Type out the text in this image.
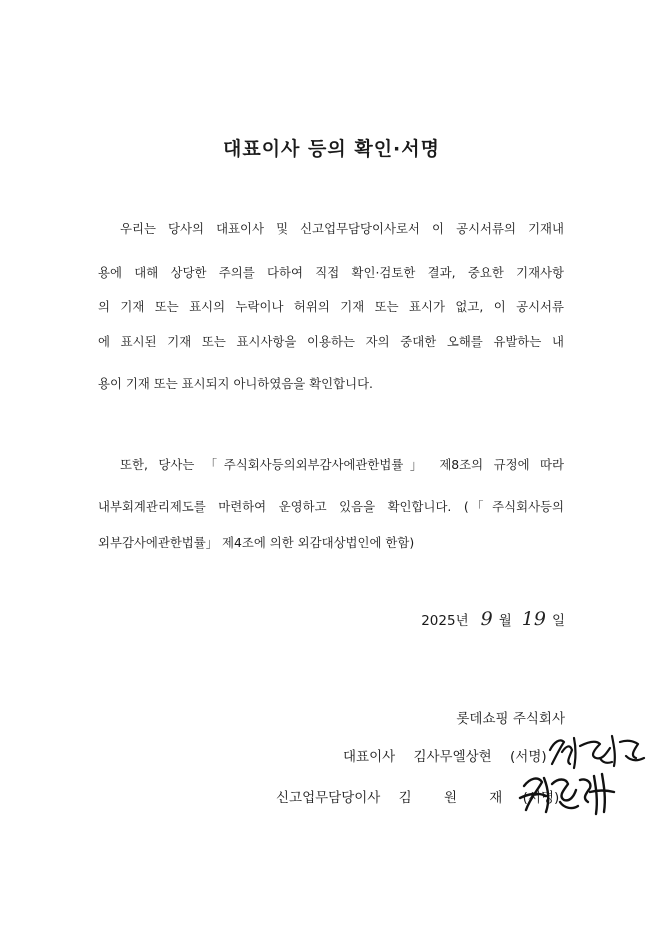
대표이사 등의 확인·서명
우리는 당사의 대표이사 및 신고업무담당이사로서 이 공시서류의 기재내
용에 대해 상당한 주의를 다하여 직접 확인·검토한 결과, 중요한 기재사항
의 기재 또는 표시의 누락이나 허위의 기재 또는 표시가 없고, 이 공시서류
에 표시된 기재 또는 표시사항을 이용하는 자의 중대한 오해를 유발하는 내
용이 기재 또는 표시되지 아니하였음을 확인합니다.
또한, 당사는 「주식회사등의외부감사에관한법률」 제8조의 규정에 따라
내부회계관리제도를 마련하여 운영하고 있음을 확인합니다. (「주식회사등의
외부감사에관한법률」 제4조에 의한 외감대상법인에 한함)
2025년 9 월 19 일
롯데쇼핑 주식회사
대표이사 김사무엘상현 (서명)
신고업무담당이사 김 원 재 (서명)
